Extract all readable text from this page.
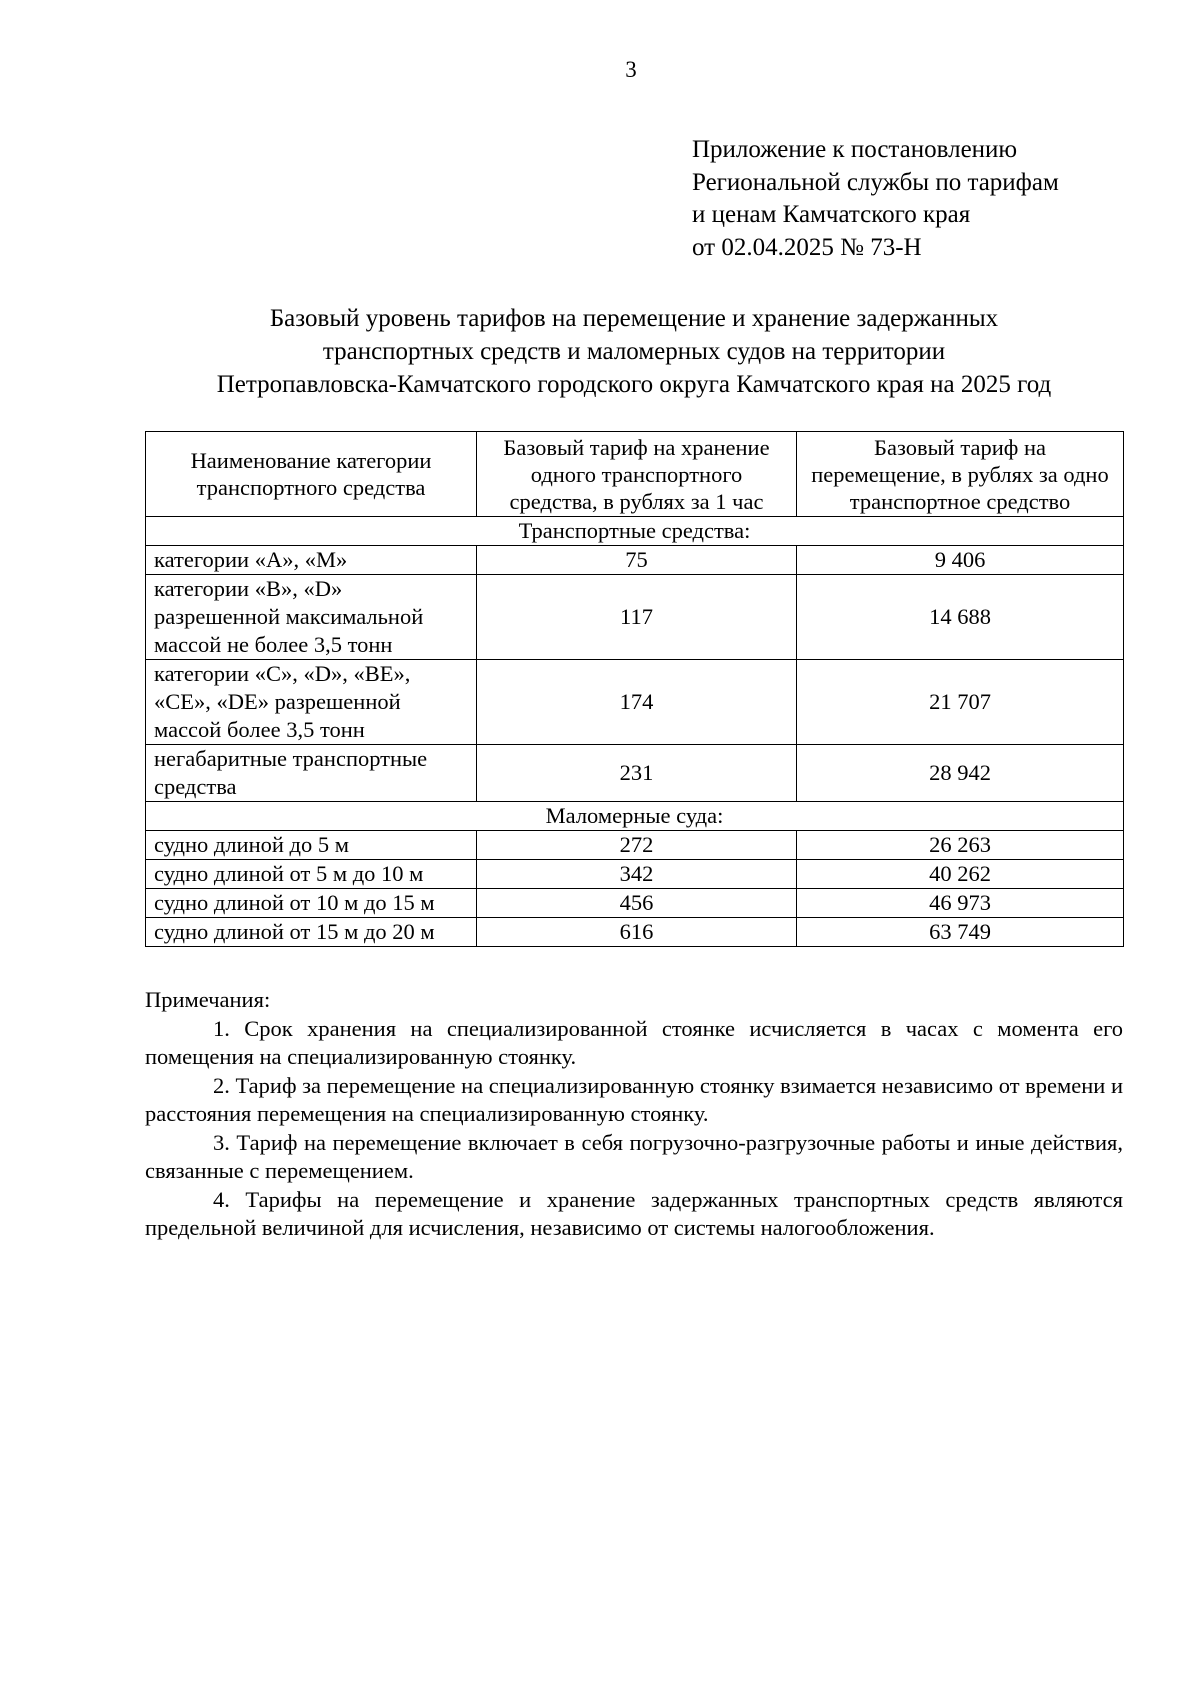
3
Приложение к постановлению
Региональной службы по тарифам
и ценам Камчатского края
от 02.04.2025 № 73-Н
Базовый уровень тарифов на перемещение и хранение задержанных
транспортных средств и маломерных судов на территории
Петропавловска-Камчатского городского округа Камчатского края на 2025 год
Наименование категории транспортного средства	Базовый тариф на хранение одного транспортного средства, в рублях за 1 час	Базовый тариф на перемещение, в рублях за одно транспортное средство
Транспортные средства:		
категории «А», «М»	75	9 406
категории «B», «D» разрешенной максимальной массой не более 3,5 тонн	117	14 688
категории «C», «D», «BE», «CE», «DE» разрешенной массой более 3,5 тонн	174	21 707
негабаритные транспортные средства	231	28 942
Маломерные суда:		
судно длиной до 5 м	272	26 263
судно длиной от 5 м до 10 м	342	40 262
судно длиной от 10 м до 15 м	456	46 973
судно длиной от 15 м до 20 м	616	63 749

Примечания:

1. Срок хранения на специализированной стоянке исчисляется в часах с момента его помещения на специализированную стоянку.

2. Тариф за перемещение на специализированную стоянку взимается независимо от времени и расстояния перемещения на специализированную стоянку.

3. Тариф на перемещение включает в себя погрузочно-разгрузочные работы и иные действия, связанные с перемещением.

4. Тарифы на перемещение и хранение задержанных транспортных средств являются предельной величиной для исчисления, независимо от системы налогообложения.
